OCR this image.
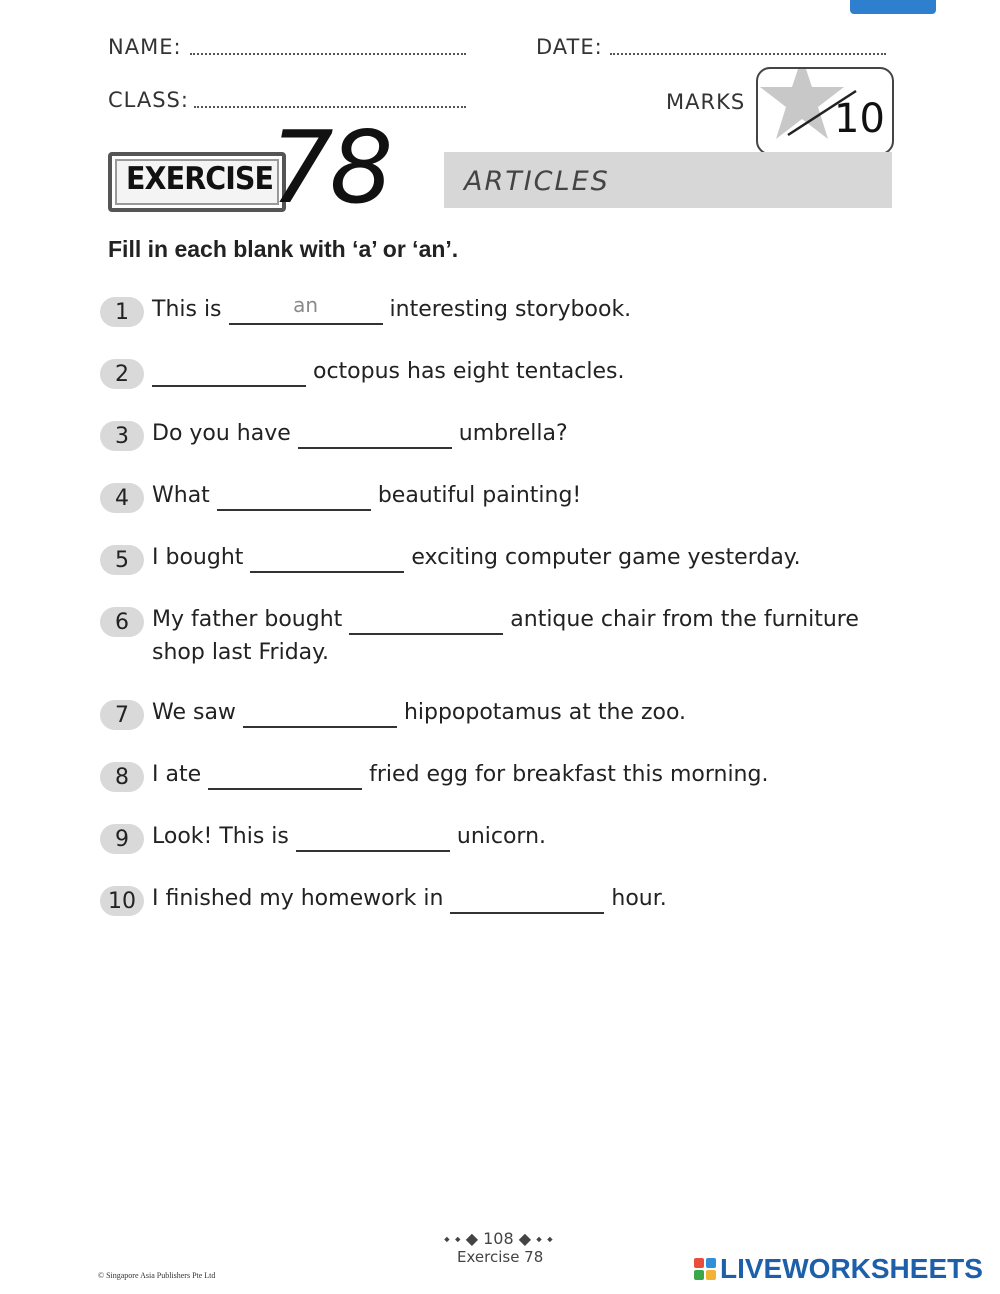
NAME:	DATE:
CLASS:	MARKS 10
EXERCISE
78	ARTICLES
Fill in each blank with ‘a’ or ‘an’.
1	This is
an	interesting storybook.
2	octopus has eight tentacles.
3	Do you have	umbrella?
4	What	beautiful painting!
5	I bought	exciting computer game yesterday.
6	My father bought	antique chair from the furniture
shop last Friday.
7	We saw	hippopotamus at the zoo.
8	I ate	fried egg for breakfast this morning.
9	Look! This is	unicorn.
10 I finished my homework in	hour.
⬩ ⬩ ◆ 108 ◆ ⬩ ⬩
Exercise 78
© Singapore Asia Publishers Pte Ltd	LIVEWORKSHEETS
